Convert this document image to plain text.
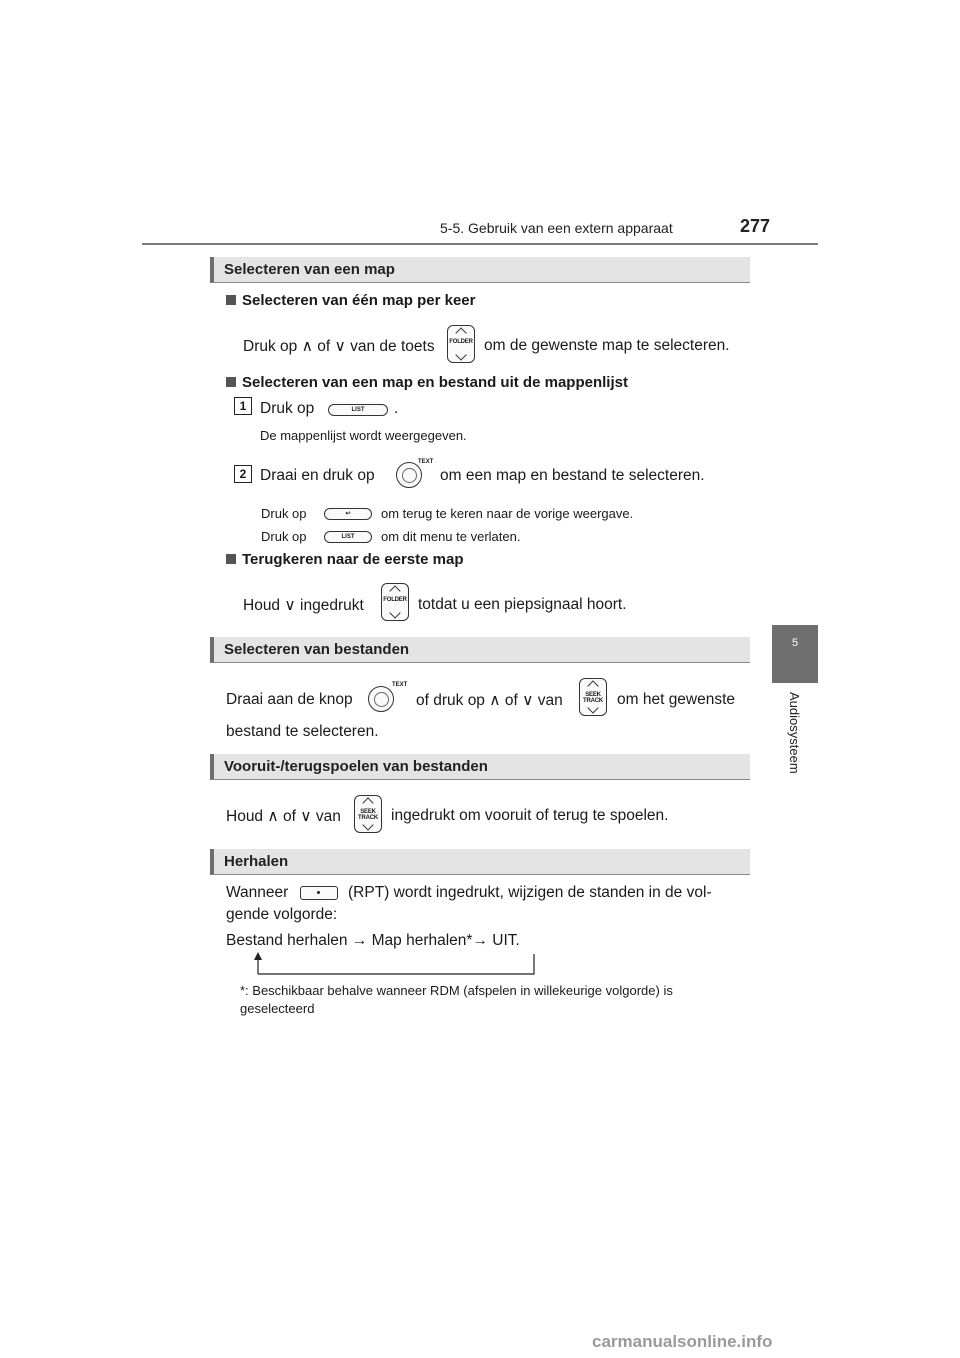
5-5. Gebruik van een extern apparaat	277
5
Audiosysteem
Selecteren van een map
Selecteren van één map per keer
Druk op ∧ of ∨ van de toets FOLDER om de gewenste map te selecteren.
Selecteren van een map en bestand uit de mappenlijst
1 Druk op	LIST	.
De mappenlijst wordt weergegeven.
2 Draai en druk op
TEXT
om een map en bestand te selecteren.
Druk op	↩	om terug te keren naar de vorige weergave.
Druk op	LIST	om dit menu te verlaten.
Terugkeren naar de eerste map
Houd ∨ ingedrukt	FOLDER totdat u een piepsignaal hoort.
Selecteren van bestanden
Draai aan de knop
TEXT
of druk op ∧ of ∨ van	SEEK TRACK om het gewenste
bestand te selecteren.
Vooruit-/terugspoelen van bestanden
Houd ∧ of ∨ van	SEEK TRACK ingedrukt om vooruit of terug te spoelen.
Herhalen
Wanneer	(RPT) wordt ingedrukt, wijzigen de standen in de vol-
gende volgorde:
Bestand herhalen → Map herhalen*→ UIT.
*: Beschikbaar behalve wanneer RDM (afspelen in willekeurige volgorde) is geselecteerd
carmanualsonline.info
